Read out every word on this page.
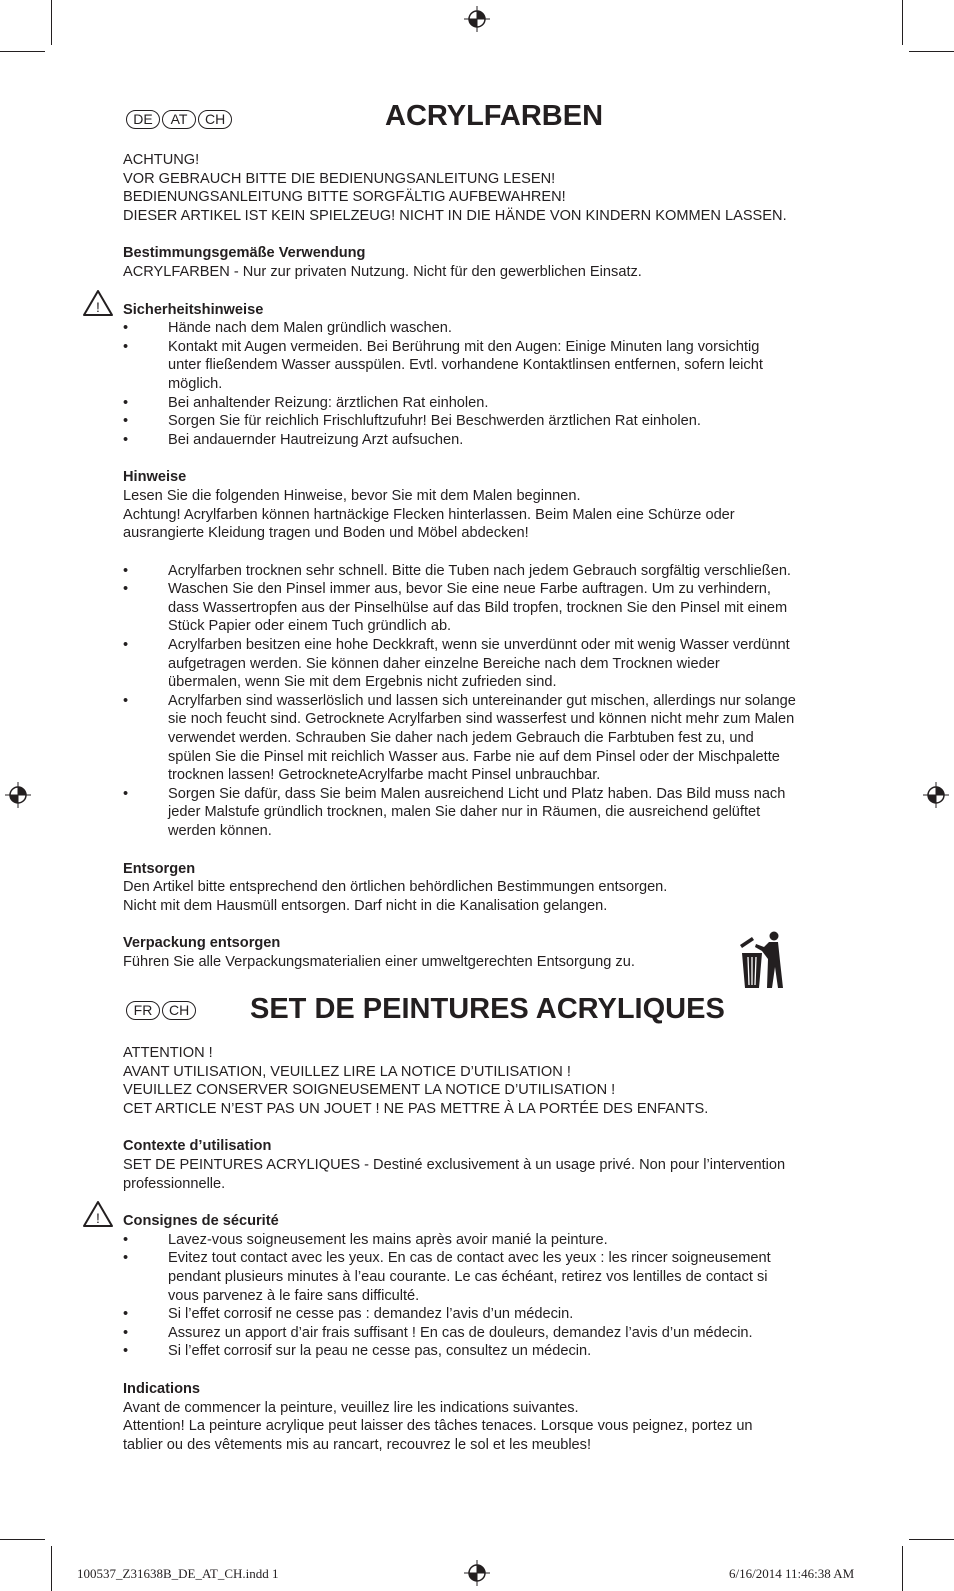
DE	AT	CH	ACRYLFARBEN
!
ACHTUNG!
VOR GEBRAUCH BITTE DIE BEDIENUNGSANLEITUNG LESEN!
BEDIENUNGSANLEITUNG BITTE SORGFÄLTIG AUFBEWAHREN!
DIESER ARTIKEL IST KEIN SPIELZEUG! NICHT IN DIE HÄNDE VON KINDERN KOMMEN LASSEN.
Bestimmungsgemäße Verwendung
ACRYLFARBEN - Nur zur privaten Nutzung. Nicht für den gewerblichen Einsatz.
Sicherheitshinweise
•	Hände nach dem Malen gründlich waschen.
•	Kontakt mit Augen vermeiden. Bei Berührung mit den Augen: Einige Minuten lang vorsichtig
unter fließendem Wasser ausspülen. Evtl. vorhandene Kontaktlinsen entfernen, sofern leicht
möglich.
•	Bei anhaltender Reizung: ärztlichen Rat einholen.
•	Sorgen Sie für reichlich Frischluftzufuhr! Bei Beschwerden ärztlichen Rat einholen.
•	Bei andauernder Hautreizung Arzt aufsuchen.
Hinweise
Lesen Sie die folgenden Hinweise, bevor Sie mit dem Malen beginnen.
Achtung! Acrylfarben können hartnäckige Flecken hinterlassen. Beim Malen eine Schürze oder
ausrangierte Kleidung tragen und Boden und Möbel abdecken!
•	Acrylfarben trocknen sehr schnell. Bitte die Tuben nach jedem Gebrauch sorgfältig verschließen.
•	Waschen Sie den Pinsel immer aus, bevor Sie eine neue Farbe auftragen. Um zu verhindern,
dass Wassertropfen aus der Pinselhülse auf das Bild tropfen, trocknen Sie den Pinsel mit einem
Stück Papier oder einem Tuch gründlich ab.
•	Acrylfarben besitzen eine hohe Deckkraft, wenn sie unverdünnt oder mit wenig Wasser verdünnt
aufgetragen werden. Sie können daher einzelne Bereiche nach dem Trocknen wieder
übermalen, wenn Sie mit dem Ergebnis nicht zufrieden sind.
•	Acrylfarben sind wasserlöslich und lassen sich untereinander gut mischen, allerdings nur solange
sie noch feucht sind. Getrocknete Acrylfarben sind wasserfest und können nicht mehr zum Malen
verwendet werden. Schrauben Sie daher nach jedem Gebrauch die Farbtuben fest zu, und
spülen Sie die Pinsel mit reichlich Wasser aus. Farbe nie auf dem Pinsel oder der Mischpalette
trocknen lassen! GetrockneteAcrylfarbe macht Pinsel unbrauchbar.
•	Sorgen Sie dafür, dass Sie beim Malen ausreichend Licht und Platz haben. Das Bild muss nach
jeder Malstufe gründlich trocknen, malen Sie daher nur in Räumen, die ausreichend gelüftet
werden können.
Entsorgen
Den Artikel bitte entsprechend den örtlichen behördlichen Bestimmungen entsorgen.
Nicht mit dem Hausmüll entsorgen. Darf nicht in die Kanalisation gelangen.
Verpackung entsorgen
Führen Sie alle Verpackungsmaterialien einer umweltgerechten Entsorgung zu.
FR	CH SET DE PEINTURES ACRYLIQUES
!
ATTENTION !
AVANT UTILISATION, VEUILLEZ LIRE LA NOTICE D’UTILISATION !
VEUILLEZ CONSERVER SOIGNEUSEMENT LA NOTICE D’UTILISATION !
CET ARTICLE N’EST PAS UN JOUET ! NE PAS METTRE À LA PORTÉE DES ENFANTS.
Contexte d’utilisation
SET DE PEINTURES ACRYLIQUES - Destiné exclusivement à un usage privé. Non pour l’intervention
professionnelle.
Consignes de sécurité
•	Lavez-vous soigneusement les mains après avoir manié la peinture.
•	Evitez tout contact avec les yeux. En cas de contact avec les yeux : les rincer soigneusement
pendant plusieurs minutes à l’eau courante. Le cas échéant, retirez vos lentilles de contact si
vous parvenez à le faire sans difficulté.
•	Si l’effet corrosif ne cesse pas : demandez l’avis d’un médecin.
•	Assurez un apport d’air frais suffisant ! En cas de douleurs, demandez l’avis d’un médecin.
•	Si l’effet corrosif sur la peau ne cesse pas, consultez un médecin.
Indications
Avant de commencer la peinture, veuillez lire les indications suivantes.
Attention! La peinture acrylique peut laisser des tâches tenaces. Lorsque vous peignez, portez un
tablier ou des vêtements mis au rancart, recouvrez le sol et les meubles!
100537_Z31638B_DE_AT_CH.indd 1	6/16/2014 11:46:38 AM
